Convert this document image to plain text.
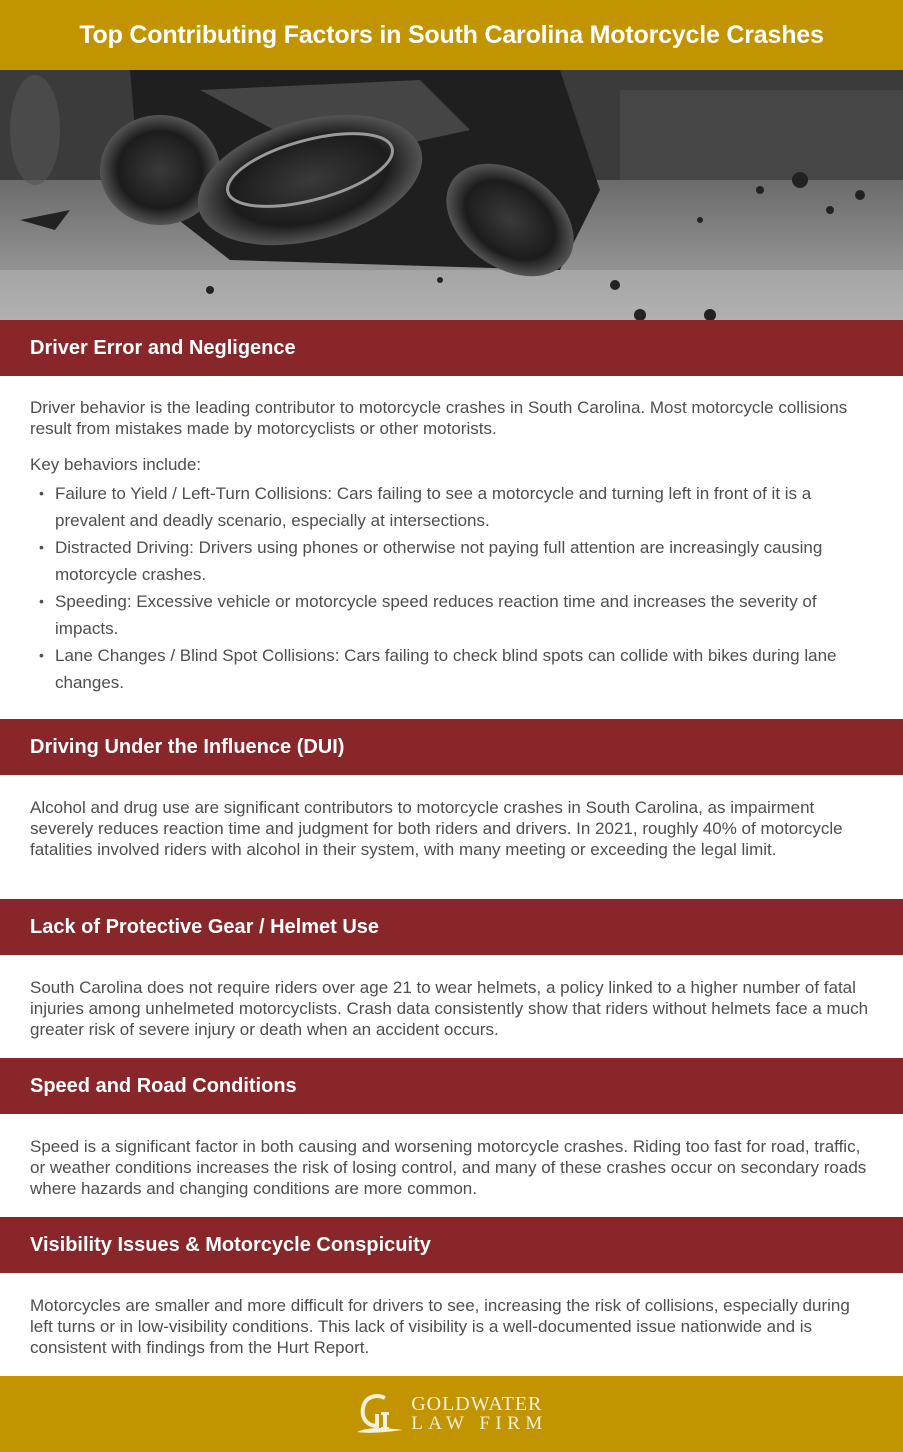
Top Contributing Factors in South Carolina Motorcycle Crashes
Driver Error and Negligence

Driver behavior is the leading contributor to motorcycle crashes in South Carolina. Most motorcycle collisions result from mistakes made by motorcyclists or other motorists.

Key behaviors include:

• Failure to Yield / Left-Turn Collisions: Cars failing to see a motorcycle and turning left in front of it is a prevalent and deadly scenario, especially at intersections.
• Distracted Driving: Drivers using phones or otherwise not paying full attention are increasingly causing motorcycle crashes.
• Speeding: Excessive vehicle or motorcycle speed reduces reaction time and increases the severity of impacts.
• Lane Changes / Blind Spot Collisions: Cars failing to check blind spots can collide with bikes during lane changes.
Driving Under the Influence (DUI)

Alcohol and drug use are significant contributors to motorcycle crashes in South Carolina, as impairment severely reduces reaction time and judgment for both riders and drivers. In 2021, roughly 40% of motorcycle fatalities involved riders with alcohol in their system, with many meeting or exceeding the legal limit.

Lack of Protective Gear / Helmet Use

South Carolina does not require riders over age 21 to wear helmets, a policy linked to a higher number of fatal injuries among unhelmeted motorcyclists. Crash data consistently show that riders without helmets face a much greater risk of severe injury or death when an accident occurs.

Speed and Road Conditions

Speed is a significant factor in both causing and worsening motorcycle crashes. Riding too fast for road, traffic, or weather conditions increases the risk of losing control, and many of these crashes occur on secondary roads where hazards and changing conditions are more common.

Visibility Issues & Motorcycle Conspicuity

Motorcycles are smaller and more difficult for drivers to see, increasing the risk of collisions, especially during left turns or in low-visibility conditions. This lack of visibility is a well-documented issue nationwide and is consistent with findings from the Hurt Report.

GOLDWATER
LAW FIRM
